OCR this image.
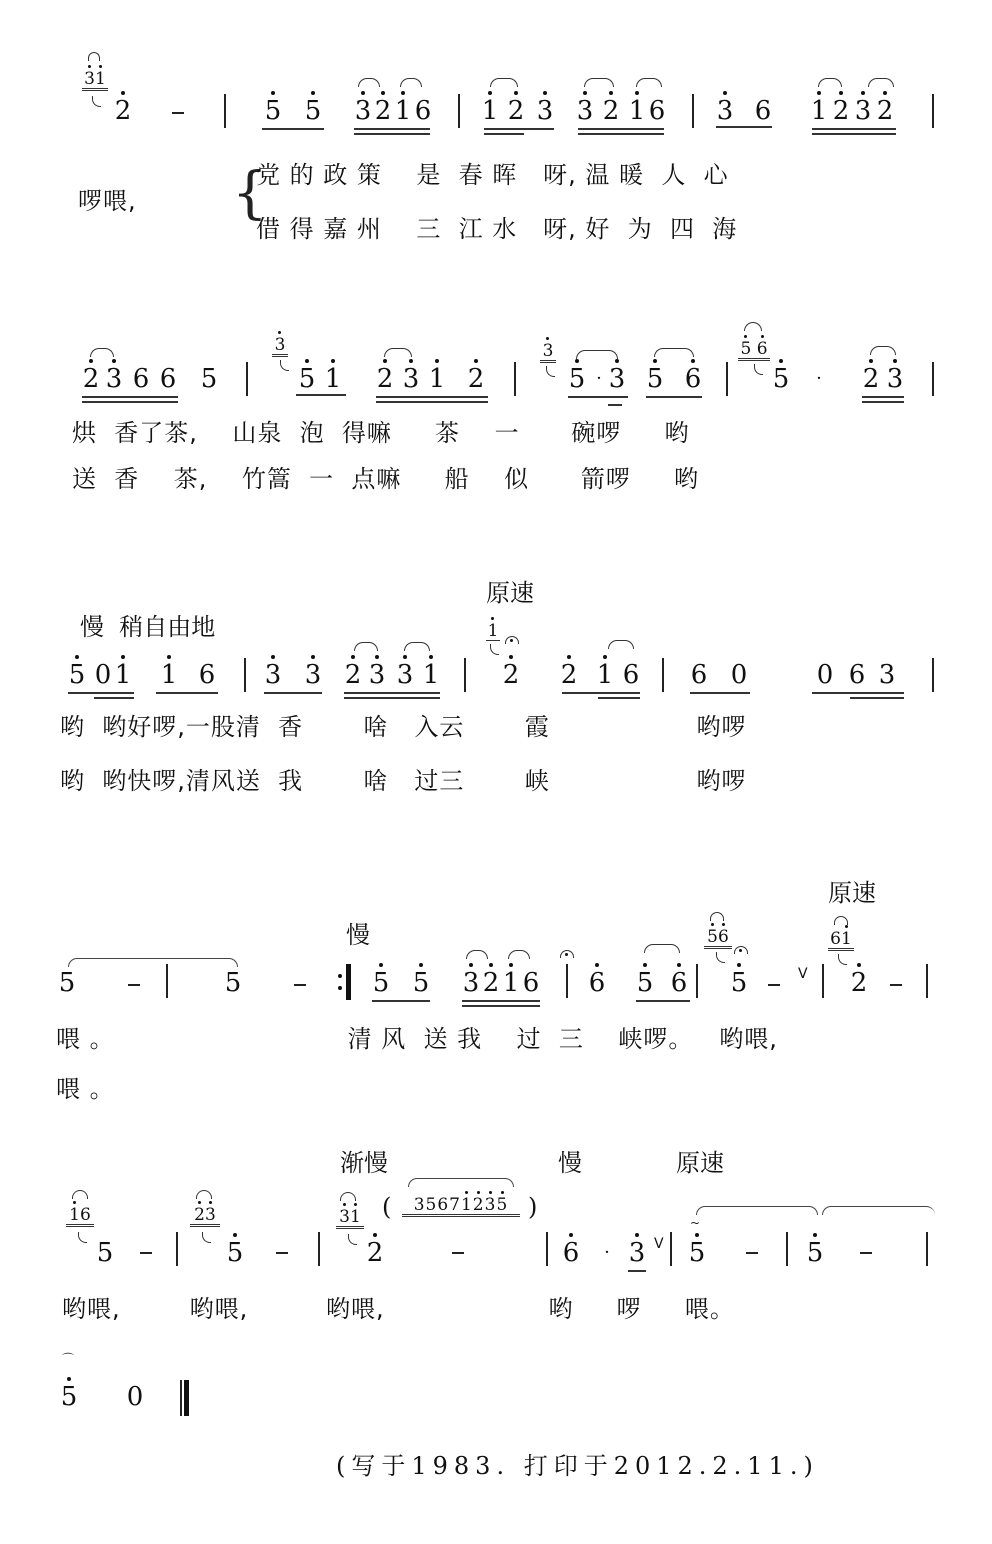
31
2	5 5 3 2 1 6 1 2 3 3 2 1 6 3 6 1 2 3 2
啰喂, {
党 的 政 策    是  春 晖   呀, 温 暖  人  心
借 得 嘉 州    三  江 水   呀, 好  为  四  海
2 3 6 6 5
3
5 1 2 3 1 2
3
5 · 3 5 6
5 6
5	·	2 3
烘  香了茶,    山泉  泡  得嘛     茶    一      碗啰     哟
送  香    茶,    竹篙  一  点嘛     船    似      箭啰     哟
原速
慢  稍自由地
5 0 1 1 6 3 3 2 3 3 1
1
2 2 1 6 6 0	0 6 3
哟  哟好啰,一股清  香       啥   入云       霞                 哟啰
哟  哟快啰,清风送  我       啥   过三       峡                 哟啰
原速
慢
5	5	5 5 3 2 1 6 6 5 6
56
5	V
61
2
喂 。                           清 风  送 我    过  三    峡啰。   哟喂,
喂 。
渐慢	慢	原速
16
5
23
5
31
2
(	35671235 )
6	· 3 V
~
5	5
哟喂,        哟喂,         哟喂,                   哟     啰     喂。
⌒
5 0
(写于1983. 打印于2012.2.11.)
